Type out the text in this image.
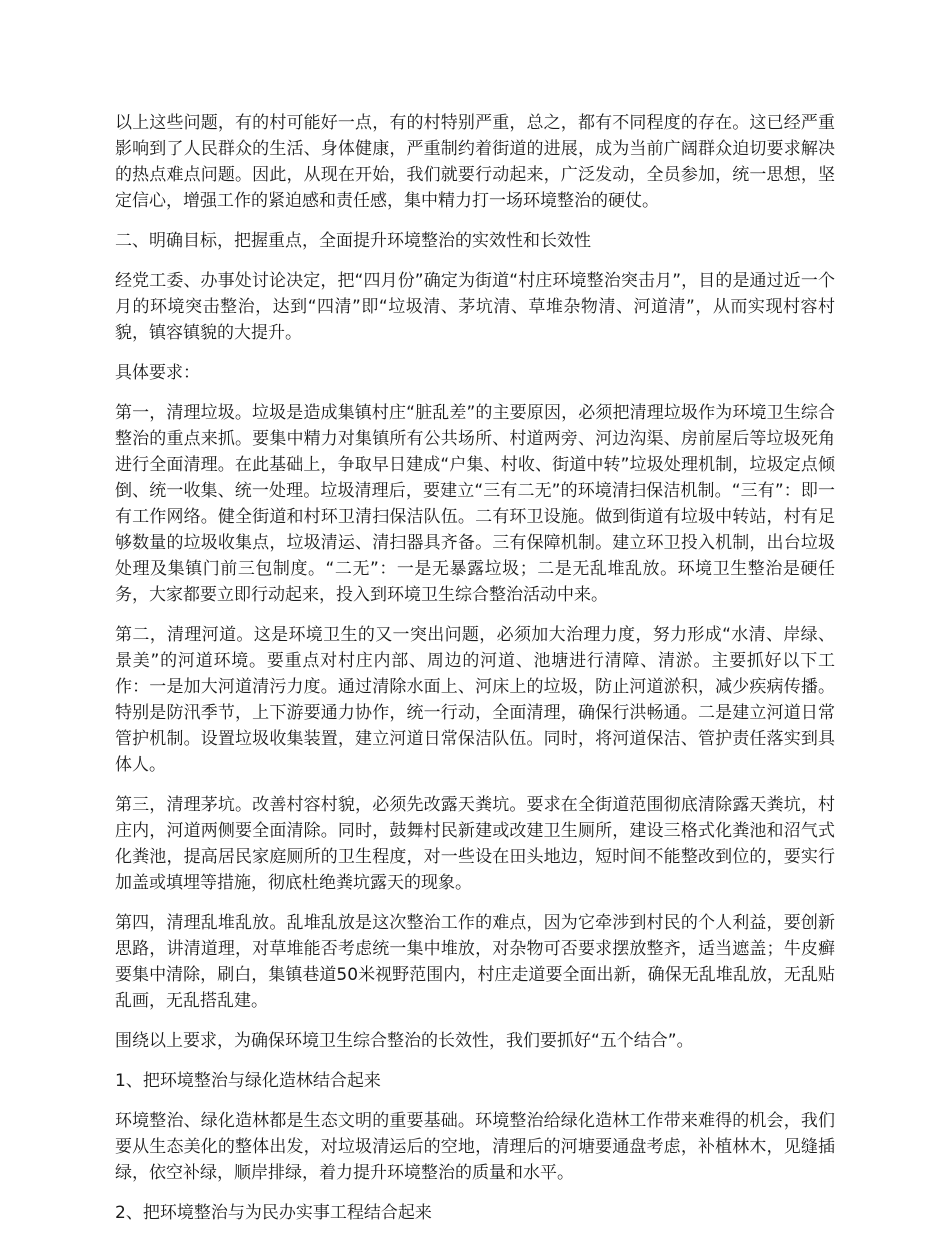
以上这些问题，有的村可能好一点，有的村特别严重，总之，都有不同程度的存在。这已经严重影响到了人民群众的生活、身体健康，严重制约着街道的进展，成为当前广阔群众迫切要求解决的热点难点问题。因此，从现在开始，我们就要行动起来，广泛发动，全员参加，统一思想，坚定信心，增强工作的紧迫感和责任感，集中精力打一场环境整治的硬仗。

二、明确目标，把握重点，全面提升环境整治的实效性和长效性

经党工委、办事处讨论决定，把“四月份”确定为街道“村庄环境整治突击月”，目的是通过近一个月的环境突击整治，达到“四清”即“垃圾清、茅坑清、草堆杂物清、河道清”，从而实现村容村貌，镇容镇貌的大提升。

具体要求：

第一，清理垃圾。垃圾是造成集镇村庄“脏乱差”的主要原因，必须把清理垃圾作为环境卫生综合整治的重点来抓。要集中精力对集镇所有公共场所、村道两旁、河边沟渠、房前屋后等垃圾死角进行全面清理。在此基础上，争取早日建成“户集、村收、街道中转”垃圾处理机制，垃圾定点倾倒、统一收集、统一处理。垃圾清理后，要建立“三有二无”的环境清扫保洁机制。“三有”：即一有工作网络。健全街道和村环卫清扫保洁队伍。二有环卫设施。做到街道有垃圾中转站，村有足够数量的垃圾收集点，垃圾清运、清扫器具齐备。三有保障机制。建立环卫投入机制，出台垃圾处理及集镇门前三包制度。“二无”：一是无暴露垃圾；二是无乱堆乱放。环境卫生整治是硬任务，大家都要立即行动起来，投入到环境卫生综合整治活动中来。

第二，清理河道。这是环境卫生的又一突出问题，必须加大治理力度，努力形成“水清、岸绿、景美”的河道环境。要重点对村庄内部、周边的河道、池塘进行清障、清淤。主要抓好以下工作：一是加大河道清污力度。通过清除水面上、河床上的垃圾，防止河道淤积，减少疾病传播。特别是防汛季节，上下游要通力协作，统一行动，全面清理，确保行洪畅通。二是建立河道日常管护机制。设置垃圾收集装置，建立河道日常保洁队伍。同时，将河道保洁、管护责任落实到具体人。

第三，清理茅坑。改善村容村貌，必须先改露天粪坑。要求在全街道范围彻底清除露天粪坑，村庄内，河道两侧要全面清除。同时，鼓舞村民新建或改建卫生厕所，建设三格式化粪池和沼气式化粪池，提高居民家庭厕所的卫生程度，对一些设在田头地边，短时间不能整改到位的，要实行加盖或填埋等措施，彻底杜绝粪坑露天的现象。

第四，清理乱堆乱放。乱堆乱放是这次整治工作的难点，因为它牵涉到村民的个人利益，要创新思路，讲清道理，对草堆能否考虑统一集中堆放，对杂物可否要求摆放整齐，适当遮盖；牛皮癣要集中清除，刷白，集镇巷道50米视野范围内，村庄走道要全面出新，确保无乱堆乱放，无乱贴乱画，无乱搭乱建。

围绕以上要求，为确保环境卫生综合整治的长效性，我们要抓好“五个结合”。

1、把环境整治与绿化造林结合起来

环境整治、绿化造林都是生态文明的重要基础。环境整治给绿化造林工作带来难得的机会，我们要从生态美化的整体出发，对垃圾清运后的空地，清理后的河塘要通盘考虑，补植林木，见缝插绿，依空补绿，顺岸排绿，着力提升环境整治的质量和水平。

2、把环境整治与为民办实事工程结合起来
